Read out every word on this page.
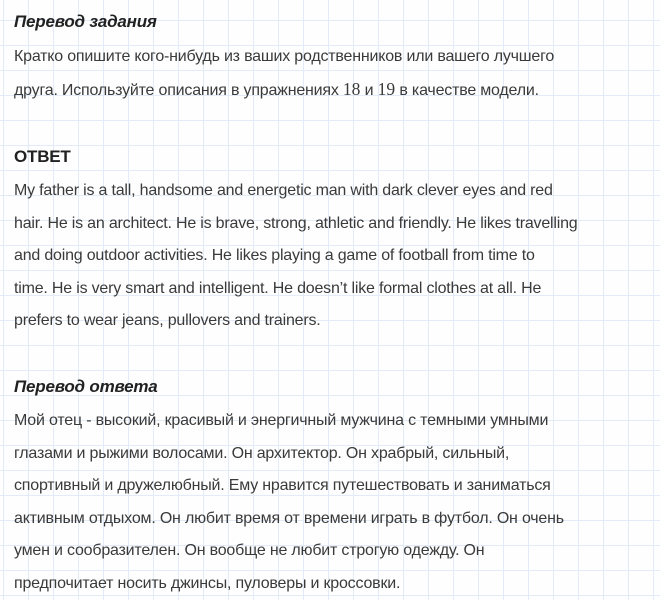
Перевод задания
Кратко опишите кого-нибудь из ваших родственников или вашего лучшего
друга. Используйте описания в упражнениях 18 и 19 в качестве модели.
ОТВЕТ
My father is a tall, handsome and energetic man with dark clever eyes and red
hair. He is an architect. He is brave, strong, athletic and friendly. He likes travelling
and doing outdoor activities. He likes playing a game of football from time to
time. He is very smart and intelligent. He doesn’t like formal clothes at all. He
prefers to wear jeans, pullovers and trainers.
Перевод ответа
Мой отец - высокий, красивый и энергичный мужчина с темными умными
глазами и рыжими волосами. Он архитектор. Он храбрый, сильный,
спортивный и дружелюбный. Ему нравится путешествовать и заниматься
активным отдыхом. Он любит время от времени играть в футбол. Он очень
умен и сообразителен. Он вообще не любит строгую одежду. Он
предпочитает носить джинсы, пуловеры и кроссовки.
